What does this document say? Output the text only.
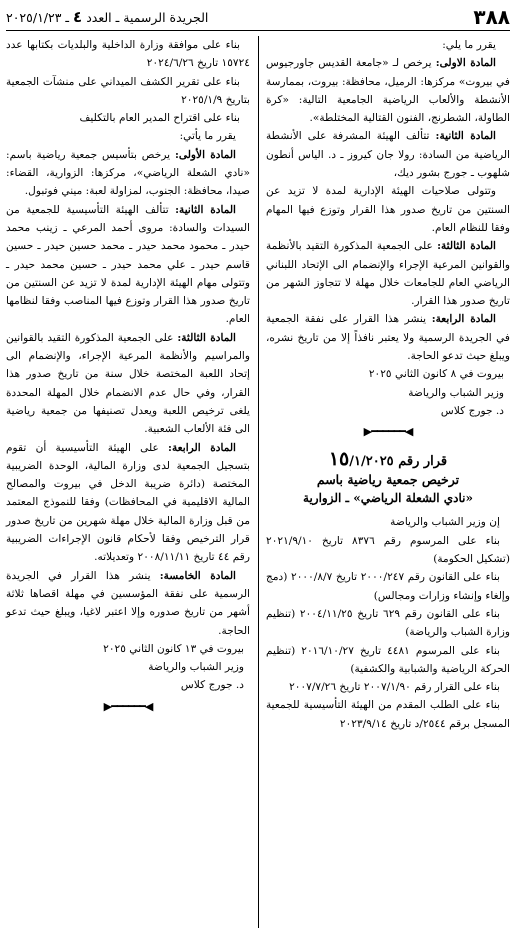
٣٨٨
الجريدة الرسمية ـ العدد ٤ ـ ٢٠٢٥/١/٢٣

يقرر ما يلي:

المادة الاولى: يرخص لـ «جامعة القديس جاورجيوس في بيروت» مركزها: الرميل، محافظة: بيروت، بممارسة الأنشطة والألعاب الرياضية الجامعية التالية: «كرة الطاولة، الشطرنج، الفنون القتالية المختلطة».

المادة الثانية: تتألف الهيئة المشرفة على الأنشطة الرياضية من السادة: رولا جان كيروز ـ د. الياس أنطون شلهوب ـ جورج بشور ديك،

وتتولى صلاحيات الهيئة الإدارية لمدة لا تزيد عن السنتين من تاريخ صدور هذا القرار وتوزع فيها المهام وفقا للنظام العام.

المادة الثالثة: على الجمعية المذكورة التقيد بالأنظمة والقوانين المرعية الإجراء والإنضمام الى الإتحاد اللبناني الرياضي العام للجامعات خلال مهلة لا تتجاوز الشهر من تاريخ صدور هذا القرار.

المادة الرابعة: ينشر هذا القرار على نفقة الجمعية في الجريدة الرسمية ولا يعتبر نافذاً إلا من تاريخ نشره، ويبلغ حيث تدعو الحاجة.

بيروت في ٨ كانون الثاني ٢٠٢٥

وزير الشباب والرياضة

د. جورج كلاس

◀━━━━━━▶

قرار رقم ١٥/١/٢٠٢٥

ترخيص جمعية رياضية باسم

«نادي الشعلة الرياضي» ـ الزوارية

إن وزير الشباب والرياضة

بناء على المرسوم رقم ٨٣٧٦ تاريخ ٢٠٢١/٩/١٠ (تشكيل الحكومة)

بناء على القانون رقم ٢٠٠٠/٢٤٧ تاريخ ٢٠٠٠/٨/٧ (دمج وإلغاء وإنشاء وزارات ومجالس)

بناء على القانون رقم ٦٢٩ تاريخ ٢٠٠٤/١١/٢٥ (تنظيم وزارة الشباب والرياضة)

بناء على المرسوم ٤٤٨١ تاريخ ٢٠١٦/١٠/٢٧ (تنظيم الحركة الرياضية والشبابية والكشفية)

بناء على القرار رقم ٢٠٠٧/١/٩٠ تاريخ ٢٠٠٧/٧/٢٦

بناء على الطلب المقدم من الهيئة التأسيسية للجمعية المسجل برقم ٢٥٤٤/د تاريخ ٢٠٢٣/٩/١٤

بناء على موافقة وزارة الداخلية والبلديات بكتابها عدد ١٥٧٢٤ تاريخ ٢٠٢٤/٦/٢٦

بناء على تقرير الكشف الميداني على منشآت الجمعية بتاريخ ٢٠٢٥/١/٩

بناء على اقتراح المدير العام بالتكليف

يقرر ما يأتي:

المادة الأولى: يرخص بتأسيس جمعية رياضية باسم: «نادي الشعلة الرياضي»، مركزها: الزوارية، القضاء: صيدا، محافظة: الجنوب، لمزاولة لعبة: ميني فوتبول.

المادة الثانية: تتألف الهيئة التأسيسية للجمعية من السيدات والسادة: مروى أحمد المرعي ـ زينب محمد حيدر ـ محمود محمد حيدر ـ محمد حسين حيدر ـ حسين قاسم حيدر ـ علي محمد حيدر ـ حسين محمد حيدر ـ وتتولى مهام الهيئة الإدارية لمدة لا تزيد عن السنتين من تاريخ صدور هذا القرار وتوزع فيها المناصب وفقا لنظامها العام.

المادة الثالثة: على الجمعية المذكورة التقيد بالقوانين والمراسيم والأنظمة المرعية الإجراء، والإنضمام الى إتحاد اللعبة المختصة خلال سنة من تاريخ صدور هذا القرار، وفي حال عدم الانضمام خلال المهلة المحددة يلغى ترخيص اللعبة ويعدل تصنيفها من جمعية رياضية الى فئة الألعاب الشعبية.

المادة الرابعة: على الهيئة التأسيسية أن تقوم بتسجيل الجمعية لدى وزارة المالية، الوحدة الضريبية المختصة (دائرة ضريبة الدخل في بيروت والمصالح المالية الاقليمية في المحافظات) وفقا للنموذج المعتمد من قبل وزارة المالية خلال مهلة شهرين من تاريخ صدور قرار الترخيص وفقا لأحكام قانون الإجراءات الضريبية رقم ٤٤ تاريخ ٢٠٠٨/١١/١١ وتعديلاته.

المادة الخامسة: ينشر هذا القرار في الجريدة الرسمية على نفقة المؤسسين في مهلة اقصاها ثلاثة أشهر من تاريخ صدوره وإلا اعتبر لاغيا، ويبلغ حيث تدعو الحاجة.

بيروت في ١٣ كانون الثاني ٢٠٢٥

وزير الشباب والرياضة

د. جورج كلاس

◀━━━━━━▶
